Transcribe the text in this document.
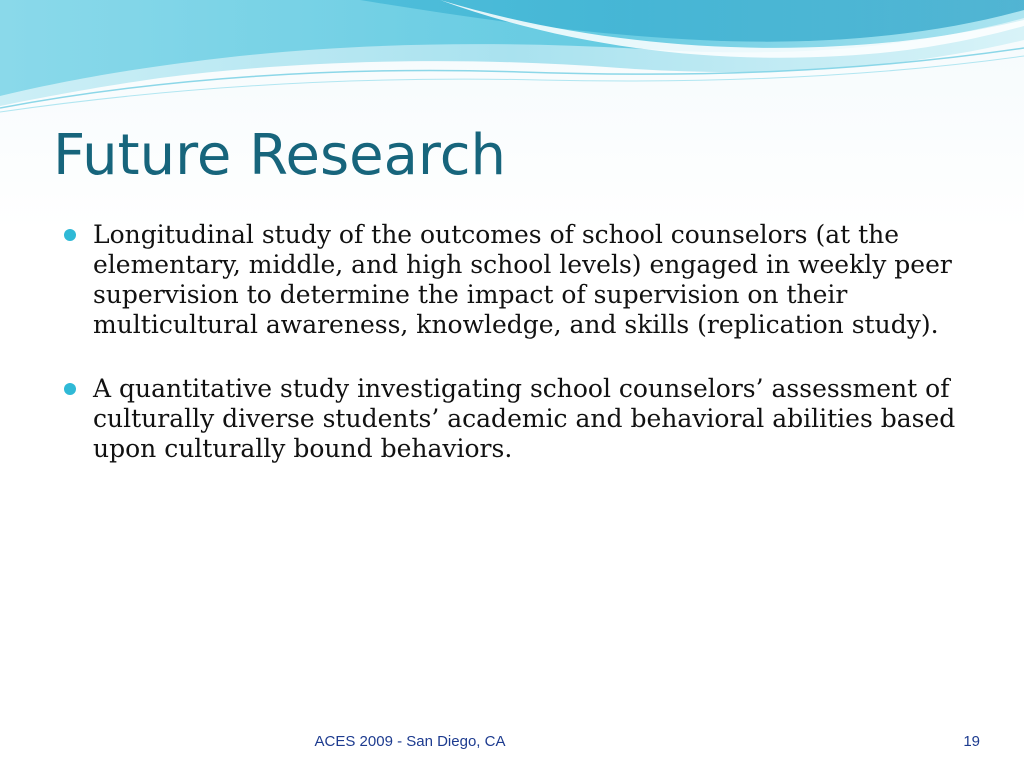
Future Research
Longitudinal study of the outcomes of school counselors (at the elementary, middle, and high school levels) engaged in weekly peer supervision to determine the impact of supervision on their multicultural awareness, knowledge, and skills (replication study).
A quantitative study investigating school counselors’ assessment of culturally diverse students’ academic and behavioral abilities based upon culturally bound behaviors.
ACES 2009 - San Diego, CA	19
